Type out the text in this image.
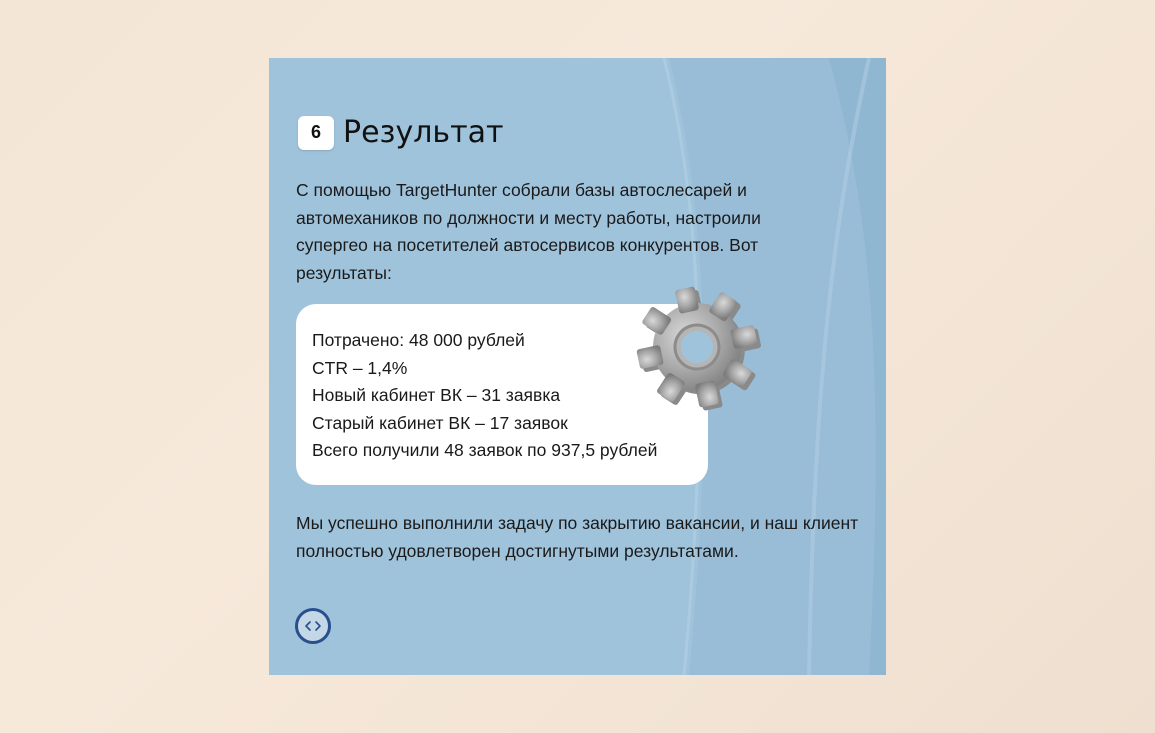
6 Результат

С помощью TargetHunter собрали базы автослесарей и автомехаников по должности и месту работы, настроили супергео на посетителей автосервисов конкурентов. Вот результаты:

Потрачено: 48 000 рублей
CTR – 1,4%
Новый кабинет ВК – 31 заявка
Старый кабинет ВК – 17 заявок
Всего получили 48 заявок по 937,5 рублей

Мы успешно выполнили задачу по закрытию вакансии, и наш клиент полностью удовлетворен достигнутыми результатами.
